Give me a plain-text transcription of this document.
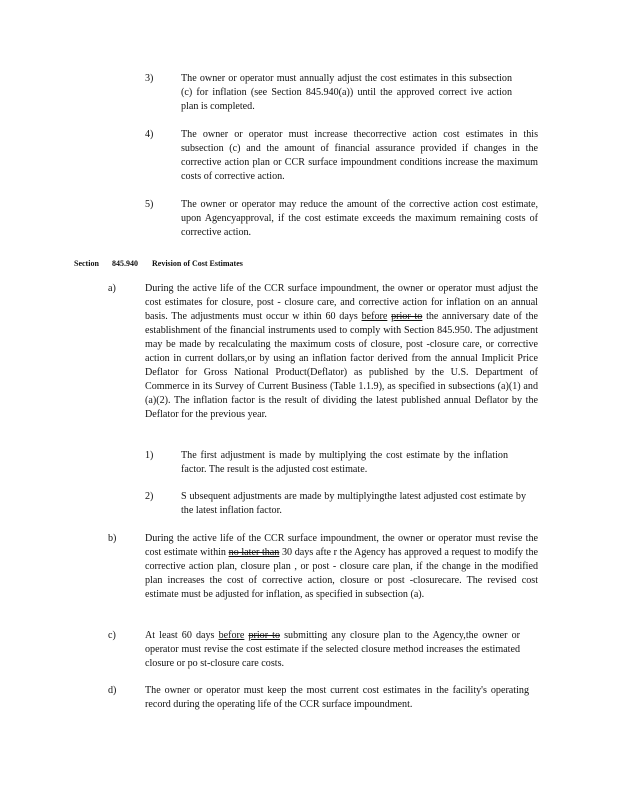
3)	The owner or operator must annually adjust the cost estimates in this subsection (c) for inflation (see Section 845.940(a)) until the approved correct ive action plan is completed.
4)	The owner or operator must increase thecorrective action cost estimates in this subsection (c) and the amount of financial assurance provided if changes in the corrective action plan or CCR surface impoundment conditions increase the maximum costs of corrective action.
5)	The owner or operator may reduce the amount of the corrective action cost estimate, upon Agencyapproval, if the cost estimate exceeds the maximum remaining costs of corrective action.
Section 845.940 Revision of Cost Estimates
a)	During the active life of the CCR surface impoundment, the owner or operator must adjust the cost estimates for closure, post - closure care, and corrective action for inflation on an annual basis. The adjustments must occur w ithin 60 days before prior to the anniversary date of the establishment of the financial instruments used to comply with Section 845.950. The adjustment may be made by recalculating the maximum costs of closure, post -closure care, or corrective action in current dollars,or by using an inflation factor derived from the annual Implicit Price Deflator for Gross National Product(Deflator) as published by the U.S. Department of Commerce in its Survey of Current Business (Table 1.1.9), as specified in subsections (a)(1) and (a)(2). The inflation factor is the result of dividing the latest published annual Deflator by the Deflator for the previous year.
1)	The first adjustment is made by multiplying the cost estimate by the inflation factor. The result is the adjusted cost estimate.
2)	S ubsequent adjustments are made by multiplyingthe latest adjusted cost estimate by the latest inflation factor.
b)	During the active life of the CCR surface impoundment, the owner or operator must revise the cost estimate within no later than 30 days afte r the Agency has approved a request to modify the corrective action plan, closure plan , or post - closure care plan, if the change in the modified plan increases the cost of corrective action, closure or post -closurecare. The revised cost estimate must be adjusted for inflation, as specified in subsection (a).
c)	At least 60 days before prior to submitting any closure plan to the Agency,the owner or operator must revise the cost estimate if the selected closure method increases the estimated closure or po st-closure care costs.
d)	The owner or operator must keep the most current cost estimates in the facility's operating record during the operating life of the CCR surface impoundment.
